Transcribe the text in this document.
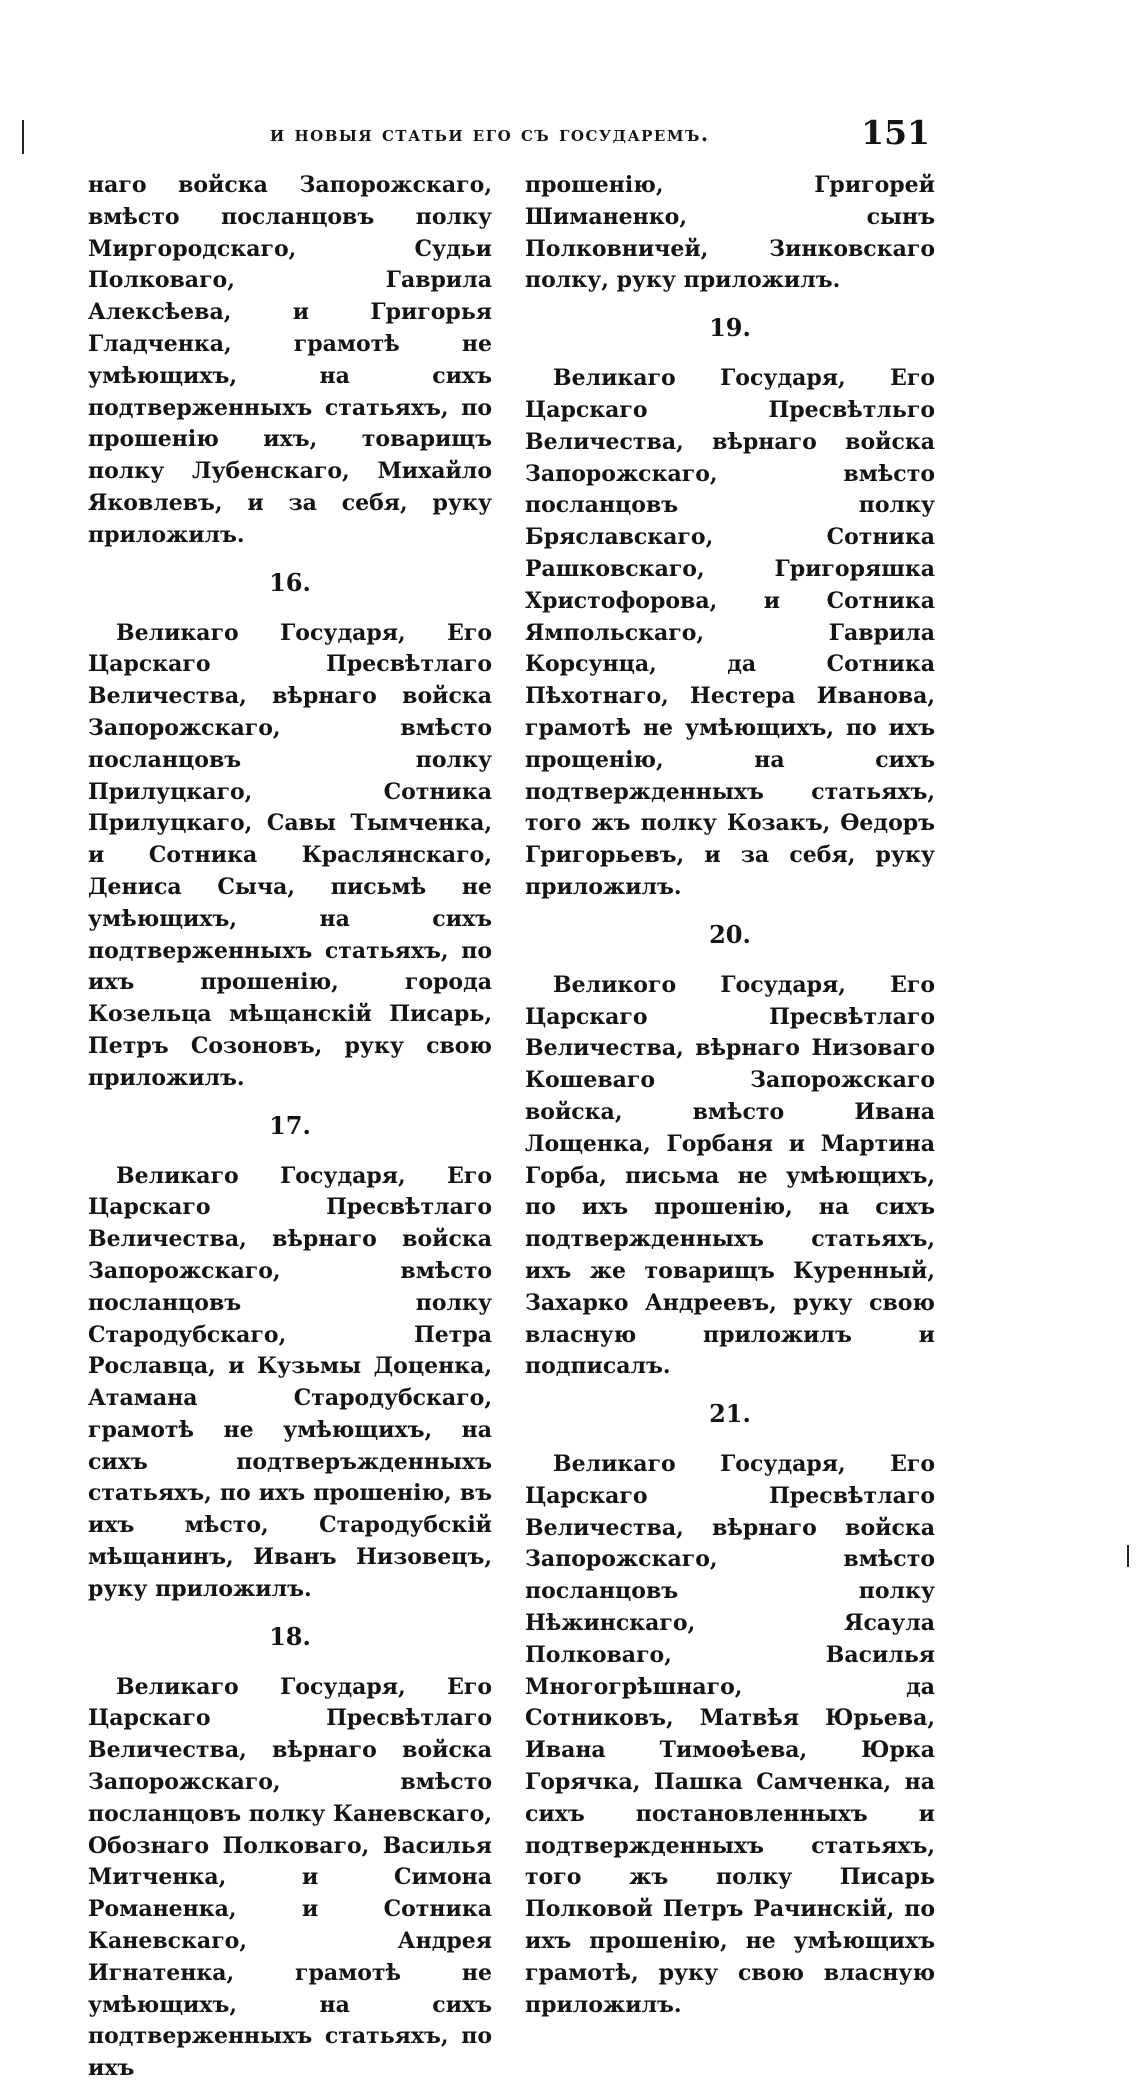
и новыя статьи его съ государемъ.	151

наго войска Запорожскаго, вмѣсто посланцовъ полку Миргородскаго, Судьи Полковаго, Гаврила Алексѣева, и Григорья Гладченка, грамотѣ не умѣющихъ, на сихъ подтверженныхъ статьяхъ, по прошенію ихъ, товарищъ полку Лубенскаго, Михайло Яковлевъ, и за себя, руку приложилъ.

16.

Великаго Государя, Его Царскаго Пресвѣтлаго Величества, вѣрнаго войска Запорожскаго, вмѣсто посланцовъ полку Прилуцкаго, Сотника Прилуцкаго, Савы Тымченка, и Сотника Краслянскаго, Дениса Сыча, письмѣ не умѣющихъ, на сихъ подтверженныхъ статьяхъ, по ихъ прошенію, города Козельца мѣщанскій Писарь, Петръ Созоновъ, руку свою приложилъ.

17.

Великаго Государя, Его Царскаго Пресвѣтлаго Величества, вѣрнаго войска Запорожскаго, вмѣсто посланцовъ полку Стародубскаго, Петра Рославца, и Кузьмы Доценка, Атамана Стародубскаго, грамотѣ не умѣющихъ, на сихъ подтверъжденныхъ статьяхъ, по ихъ прошенію, въ ихъ мѣсто, Стародубскій мѣщанинъ, Иванъ Низовецъ, руку приложилъ.

18.

Великаго Государя, Его Царскаго Пресвѣтлаго Величества, вѣрнаго войска Запорожскаго, вмѣсто посланцовъ полку Каневскаго, Обознаго Полковаго, Василья Митченка, и Симона Романенка, и Сотника Каневскаго, Андрея Игнатенка, грамотѣ не умѣющихъ, на сихъ подтверженныхъ статьяхъ, по ихъ

прошенію, Григорей Шиманенко, сынъ Полковничей, Зинковскаго полку, руку приложилъ.

19.

Великаго Государя, Его Царскаго Пресвѣтльго Величества, вѣрнаго войска Запорожскаго, вмѣсто посланцовъ полку Бряславскаго, Сотника Рашковскаго, Григоряшка Христофорова, и Сотника Ямпольскаго, Гаврила Корсунца, да Сотника Пѣхотнаго, Нестера Иванова, грамотѣ не умѣющихъ, по ихъ прощенію, на сихъ подтвержденныхъ статьяхъ, того жъ полку Козакъ, Ѳедоръ Григорьевъ, и за себя, руку приложилъ.

20.

Великого Государя, Его Царскаго Пресвѣтлаго Величества, вѣрнаго Низоваго Кошеваго Запорожскаго войска, вмѣсто Ивана Лощенка, Горбаня и Мартина Горба, письма не умѣющихъ, по ихъ прошенію, на сихъ подтвержденныхъ статьяхъ, ихъ же товарищъ Куренный, Захарко Андреевъ, руку свою власную приложилъ и подписалъ.

21.

Великаго Государя, Его Царскаго Пресвѣтлаго Величества, вѣрнаго войска Запорожскаго, вмѣсто посланцовъ полку Нѣжинскаго, Ясаула Полковаго, Василья Многогрѣшнаго, да Сотниковъ, Матвѣя Юрьева, Ивана Тимоѳѣева, Юрка Горячка, Пашка Самченка, на сихъ постановленныхъ и подтвержденныхъ статьяхъ, того жъ полку Писарь Полковой Петръ Рачинскій, по ихъ прошенію, не умѣющихъ грамотѣ, руку свою власную приложилъ.
